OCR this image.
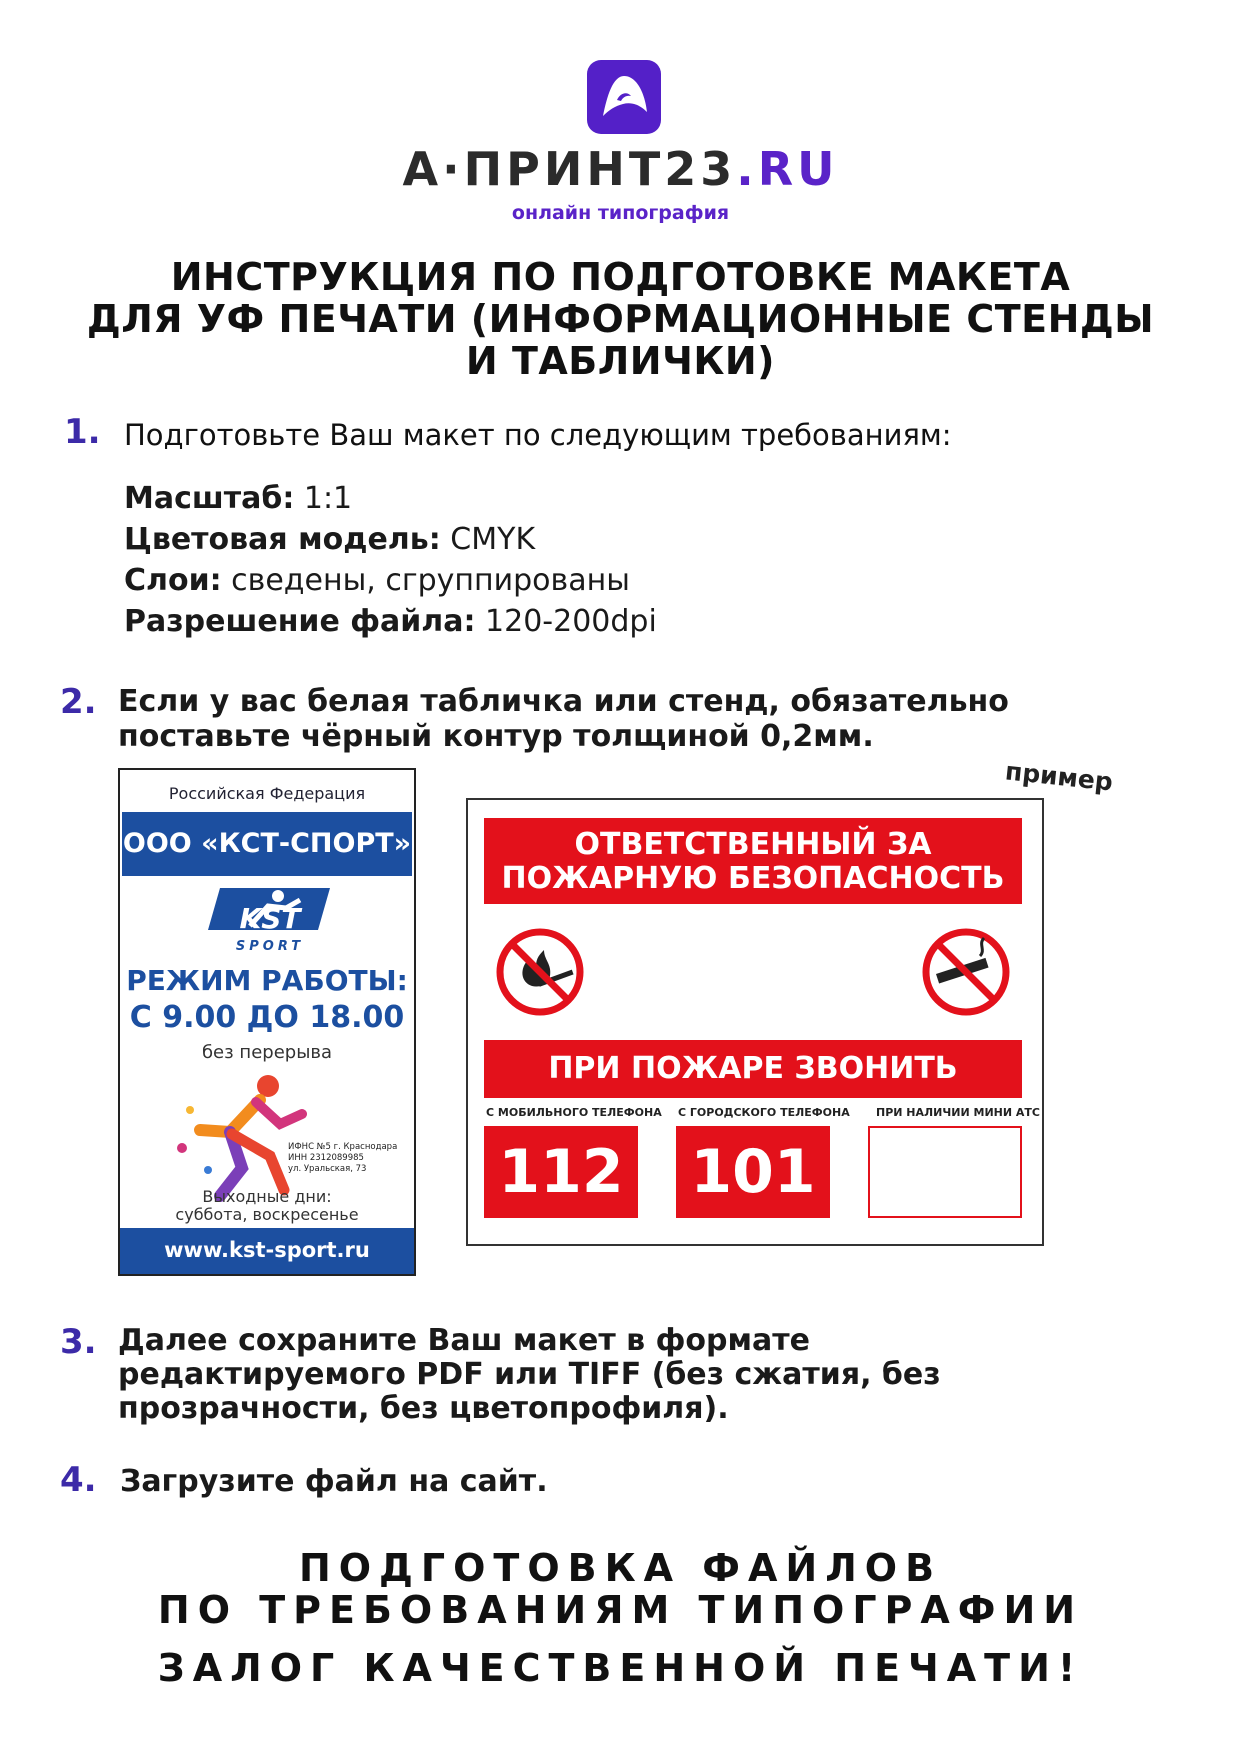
А·ПРИНТ23.RU
онлайн типография
ИНСТРУКЦИЯ ПО ПОДГОТОВКЕ МАКЕТА
ДЛЯ УФ ПЕЧАТИ (ИНФОРМАЦИОННЫЕ СТЕНДЫ
И ТАБЛИЧКИ)
1. Подготовьте Ваш макет по следующим требованиям:
Масштаб: 1:1
Цветовая модель: CMYK
Слои: сведены, сгруппированы
Разрешение файла: 120-200dpi
2. Если у вас белая табличка или стенд, обязательно
поставьте чёрный контур толщиной 0,2мм.
Российская Федерация
ООО «КСТ-СПОРТ»
KST
SPORT
РЕЖИМ РАБОТЫ:
С 9.00 ДО 18.00
без перерыва
ИФНС №5 г. Краснодара
ИНН 2312089985
ул. Уральская, 73
Выходные дни:
суббота, воскресенье
www.kst-sport.ru
пример
ОТВЕТСТВЕННЫЙ ЗА
ПОЖАРНУЮ БЕЗОПАСНОСТЬ
ПРИ ПОЖАРЕ ЗВОНИТЬ
С МОБИЛЬНОГО ТЕЛЕФОНА С ГОРОДСКОГО ТЕЛЕФОНА ПРИ НАЛИЧИИ МИНИ АТС
112 101
3. Далее сохраните Ваш макет в формате
редактируемого PDF или TIFF (без сжатия, без
прозрачности, без цветопрофиля).
4. Загрузите файл на сайт.
ПОДГОТОВКА ФАЙЛОВ
ПО ТРЕБОВАНИЯМ ТИПОГРАФИИ
ЗАЛОГ КАЧЕСТВЕННОЙ ПЕЧАТИ!
